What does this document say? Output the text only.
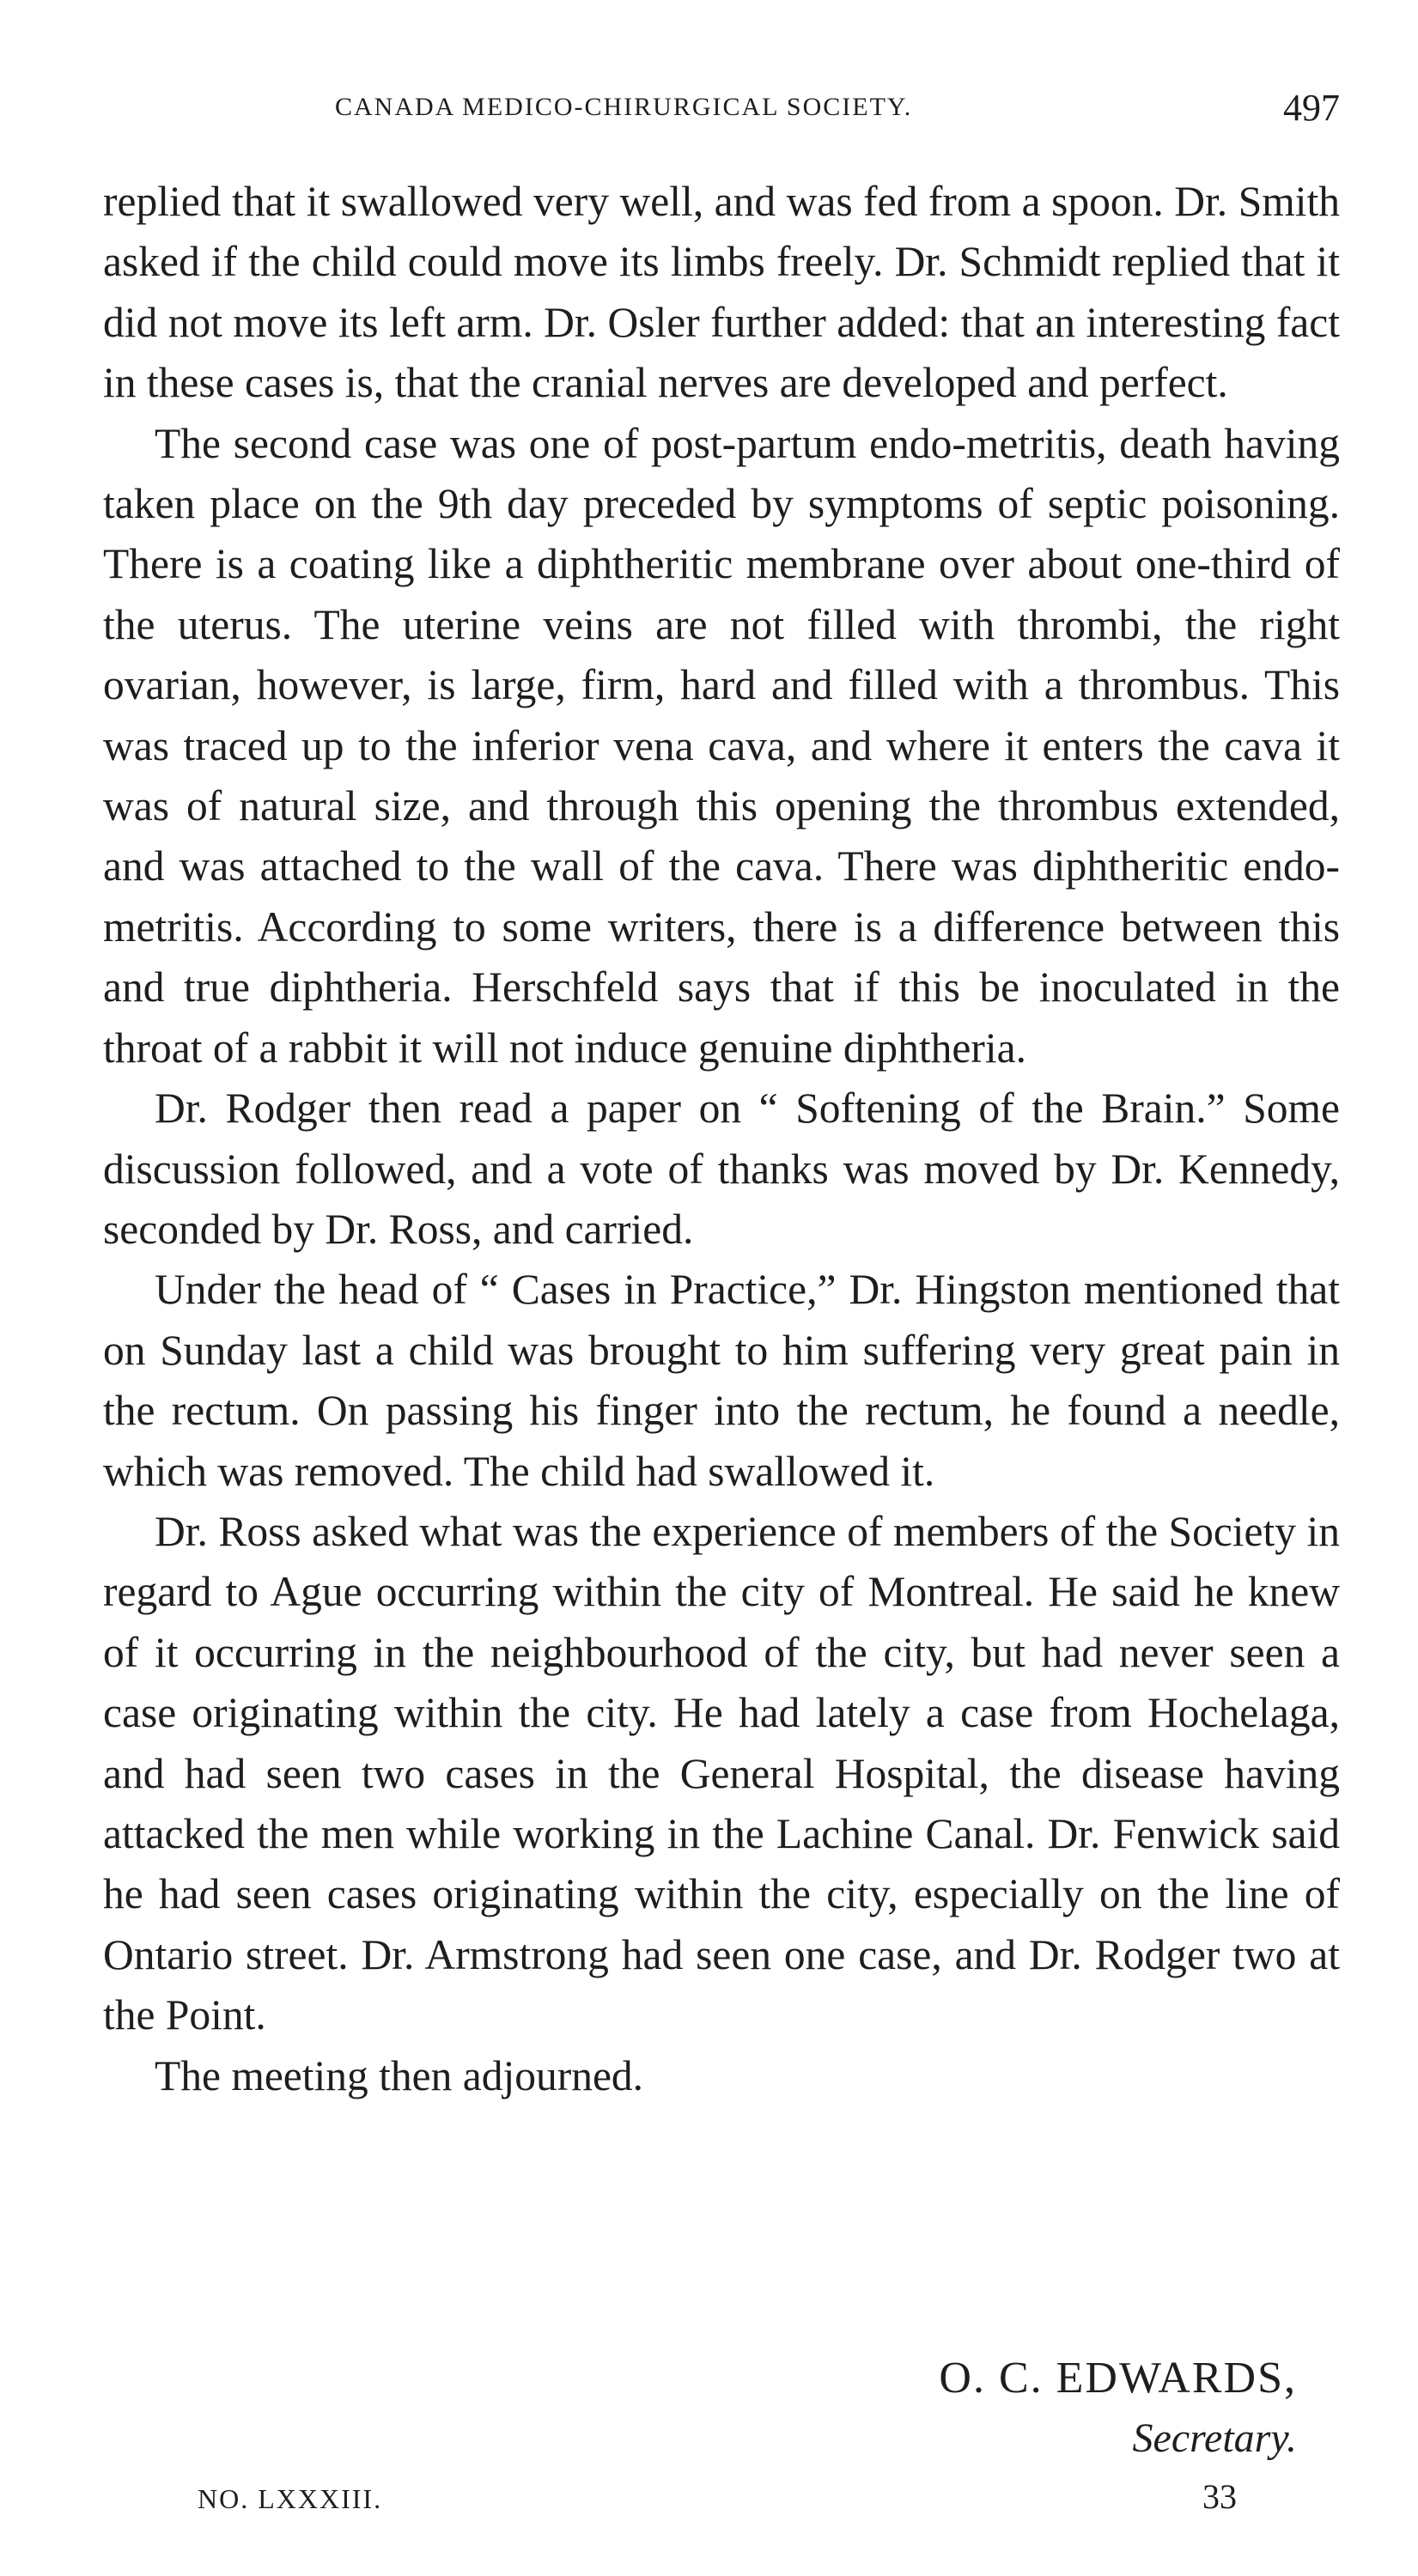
CANADA MEDICO-CHIRURGICAL SOCIETY.	497

replied that it swallowed very well, and was fed from a spoon. Dr. Smith asked if the child could move its limbs freely. Dr. Schmidt replied that it did not move its left arm. Dr. Osler further added: that an interesting fact in these cases is, that the cranial nerves are developed and perfect.

The second case was one of post-partum endo-metritis, death having taken place on the 9th day preceded by symptoms of septic poisoning. There is a coating like a diphtheritic membrane over about one-third of the uterus. The uterine veins are not filled with thrombi, the right ovarian, however, is large, firm, hard and filled with a thrombus. This was traced up to the inferior vena cava, and where it enters the cava it was of natural size, and through this opening the thrombus extended, and was attached to the wall of the cava. There was diphtheritic endo-metritis. According to some writers, there is a difference between this and true diphtheria. Herschfeld says that if this be inoculated in the throat of a rabbit it will not induce genuine diphtheria.

Dr. Rodger then read a paper on “ Softening of the Brain.” Some discussion followed, and a vote of thanks was moved by Dr. Kennedy, seconded by Dr. Ross, and carried.

Under the head of “ Cases in Practice,” Dr. Hingston mentioned that on Sunday last a child was brought to him suffering very great pain in the rectum. On passing his finger into the rectum, he found a needle, which was removed. The child had swallowed it.

Dr. Ross asked what was the experience of members of the Society in regard to Ague occurring within the city of Montreal. He said he knew of it occurring in the neighbourhood of the city, but had never seen a case originating within the city. He had lately a case from Hochelaga, and had seen two cases in the General Hospital, the disease having attacked the men while working in the Lachine Canal. Dr. Fenwick said he had seen cases originating within the city, especially on the line of Ontario street. Dr. Armstrong had seen one case, and Dr. Rodger two at the Point.

The meeting then adjourned.

O. C. EDWARDS,
Secretary.
NO. LXXXIII.	33
